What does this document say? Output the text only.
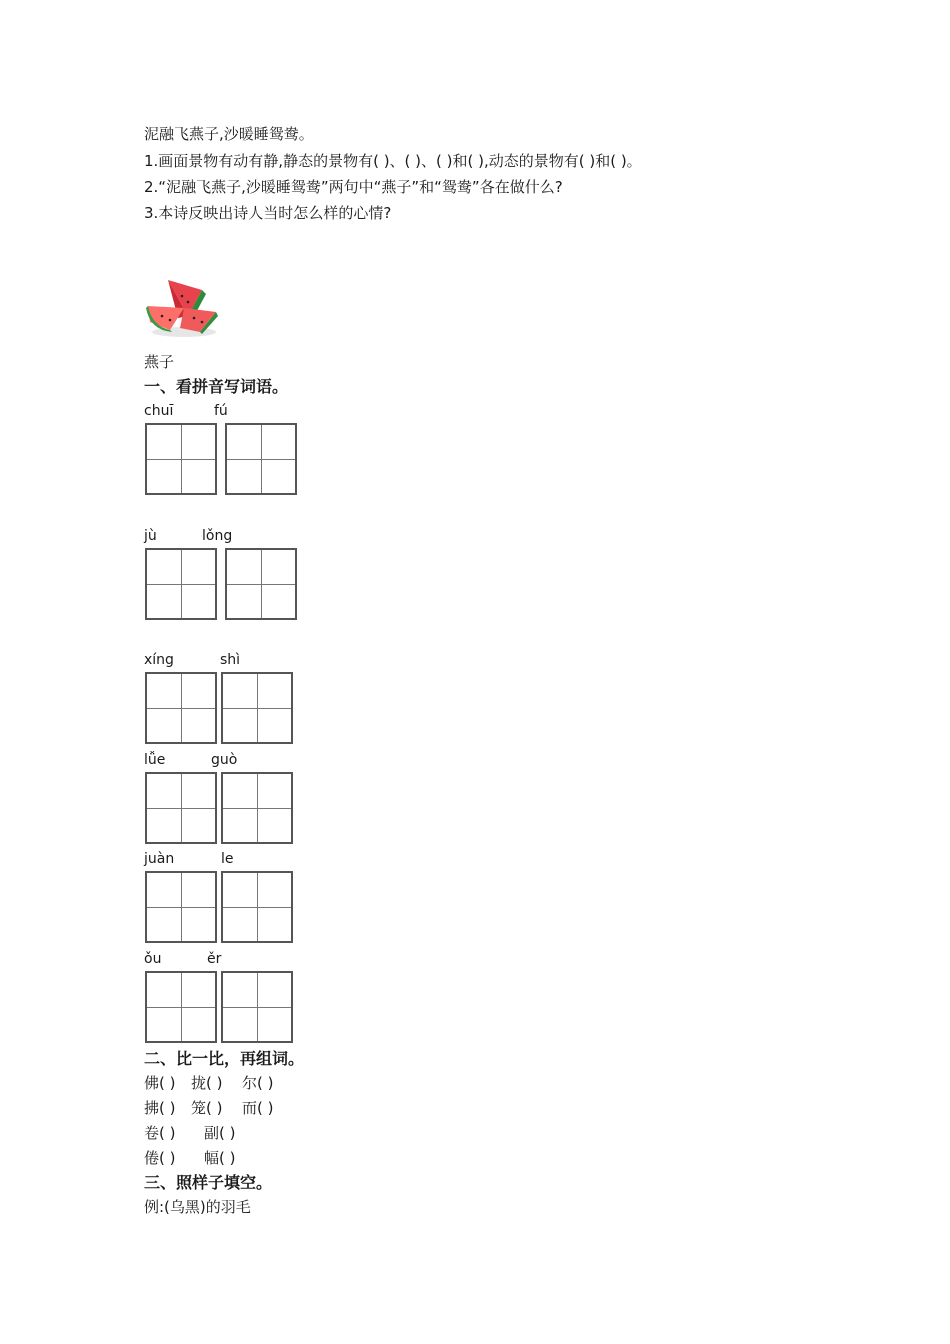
泥融飞燕子,沙暖睡鸳鸯。
1.画面景物有动有静,静态的景物有( )、( )、( )和( ),动态的景物有( )和( )。
2.“泥融飞燕子,沙暖睡鸳鸯”两句中“燕子”和“鸳鸯”各在做什么?
3.本诗反映出诗人当时怎么样的心情?
燕子
一、看拼音写词语。
chuī	fú
jù	lǒng
xíng	shì
lǚe	guò
juàn	le
ǒu	ěr
二、比一比，再组词。
佛( ) 拢( ) 尔( )
拂( ) 笼( ) 而( )
卷( ) 副( )
倦( ) 幅( )
三、照样子填空。
例:(乌黑)的羽毛
